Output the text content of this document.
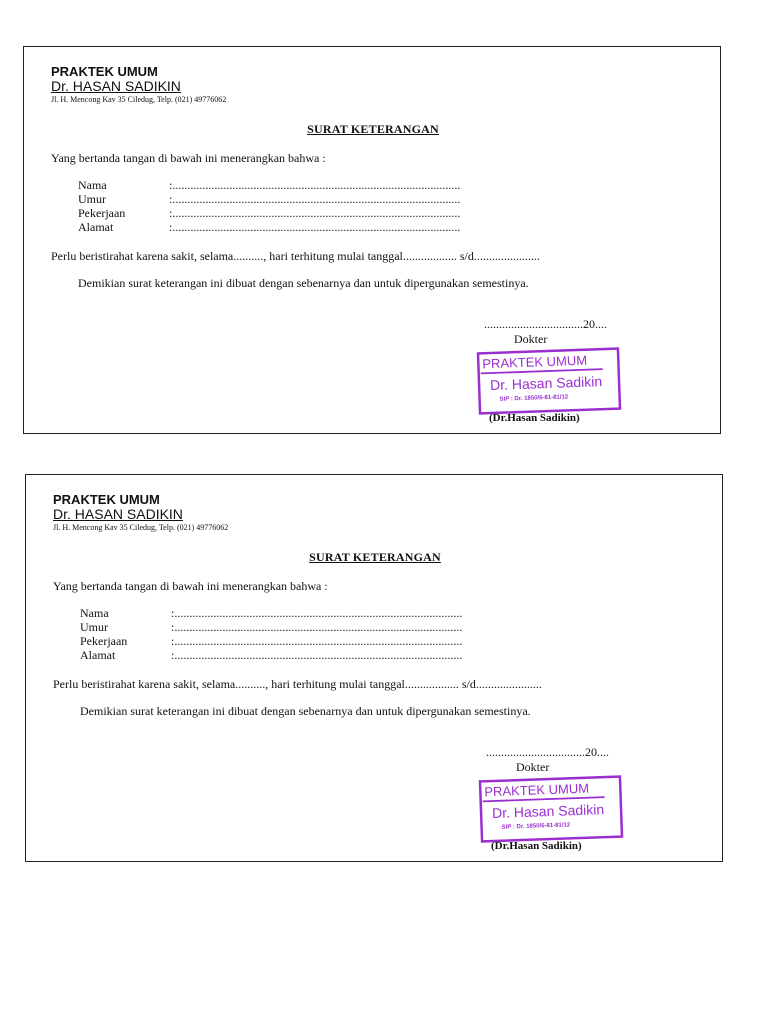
PRAKTEK UMUM
Dr. HASAN SADIKIN
Jl. H. Mencong Kav 35 Ciledug, Telp. (021) 49776062
SURAT KETERANGAN
Yang bertanda tangan di bawah ini menerangkan bahwa :
Nama	:................................................................................................
Umur	:................................................................................................
Pekerjaan	:................................................................................................
Alamat	:................................................................................................
Perlu beristirahat karena sakit, selama.........., hari terhitung mulai tanggal.................. s/d......................
Demikian surat keterangan ini dibuat dengan sebenarnya dan untuk dipergunakan semestinya.
.................................20....
Dokter
PRAKTEK UMUM
Dr. Hasan Sadikin
SIP : Dr. 1850/6-81-81/12
(Dr.Hasan Sadikin)
PRAKTEK UMUM
Dr. HASAN SADIKIN
Jl. H. Mencong Kav 35 Ciledug, Telp. (021) 49776062
SURAT KETERANGAN
Yang bertanda tangan di bawah ini menerangkan bahwa :
Nama	:................................................................................................
Umur	:................................................................................................
Pekerjaan	:................................................................................................
Alamat	:................................................................................................
Perlu beristirahat karena sakit, selama.........., hari terhitung mulai tanggal.................. s/d......................
Demikian surat keterangan ini dibuat dengan sebenarnya dan untuk dipergunakan semestinya.
.................................20....
Dokter
PRAKTEK UMUM
Dr. Hasan Sadikin
SIP : Dr. 1850/6-81-81/12
(Dr.Hasan Sadikin)
